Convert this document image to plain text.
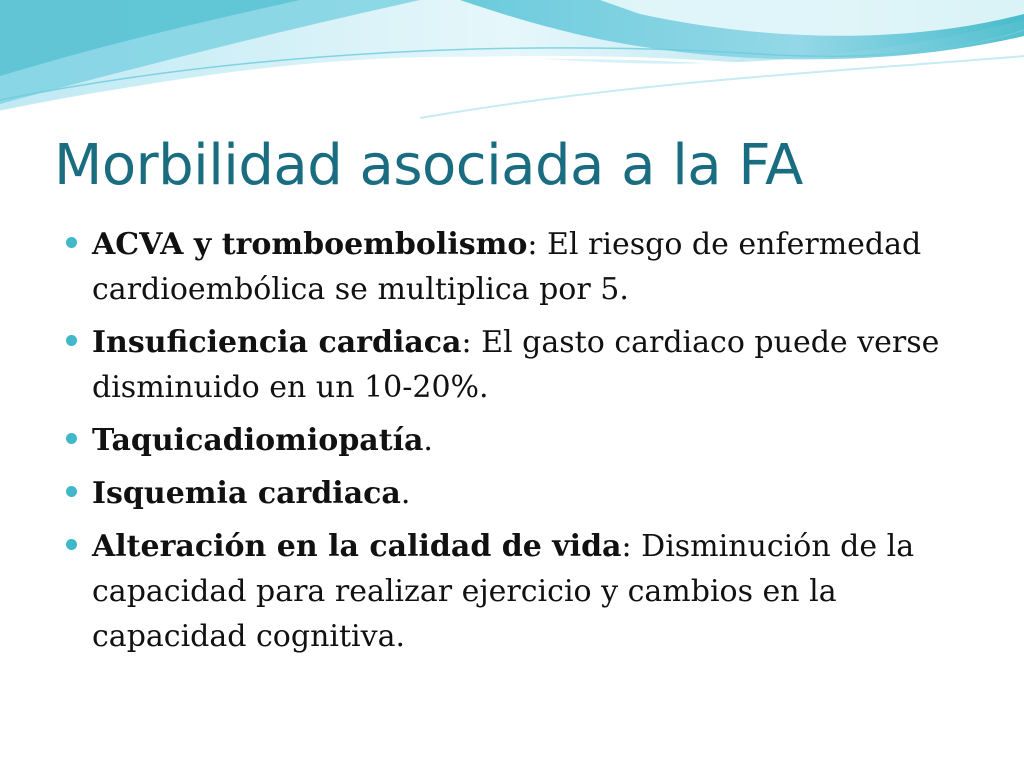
Morbilidad asociada a la FA
ACVA y tromboembolismo: El riesgo de enfermedad cardioembólica se multiplica por 5.
Insuficiencia cardiaca: El gasto cardiaco puede verse disminuido en un 10-20%.
Taquicadiomiopatía.
Isquemia cardiaca.
Alteración en la calidad de vida: Disminución de la capacidad para realizar ejercicio y cambios en la capacidad cognitiva.
